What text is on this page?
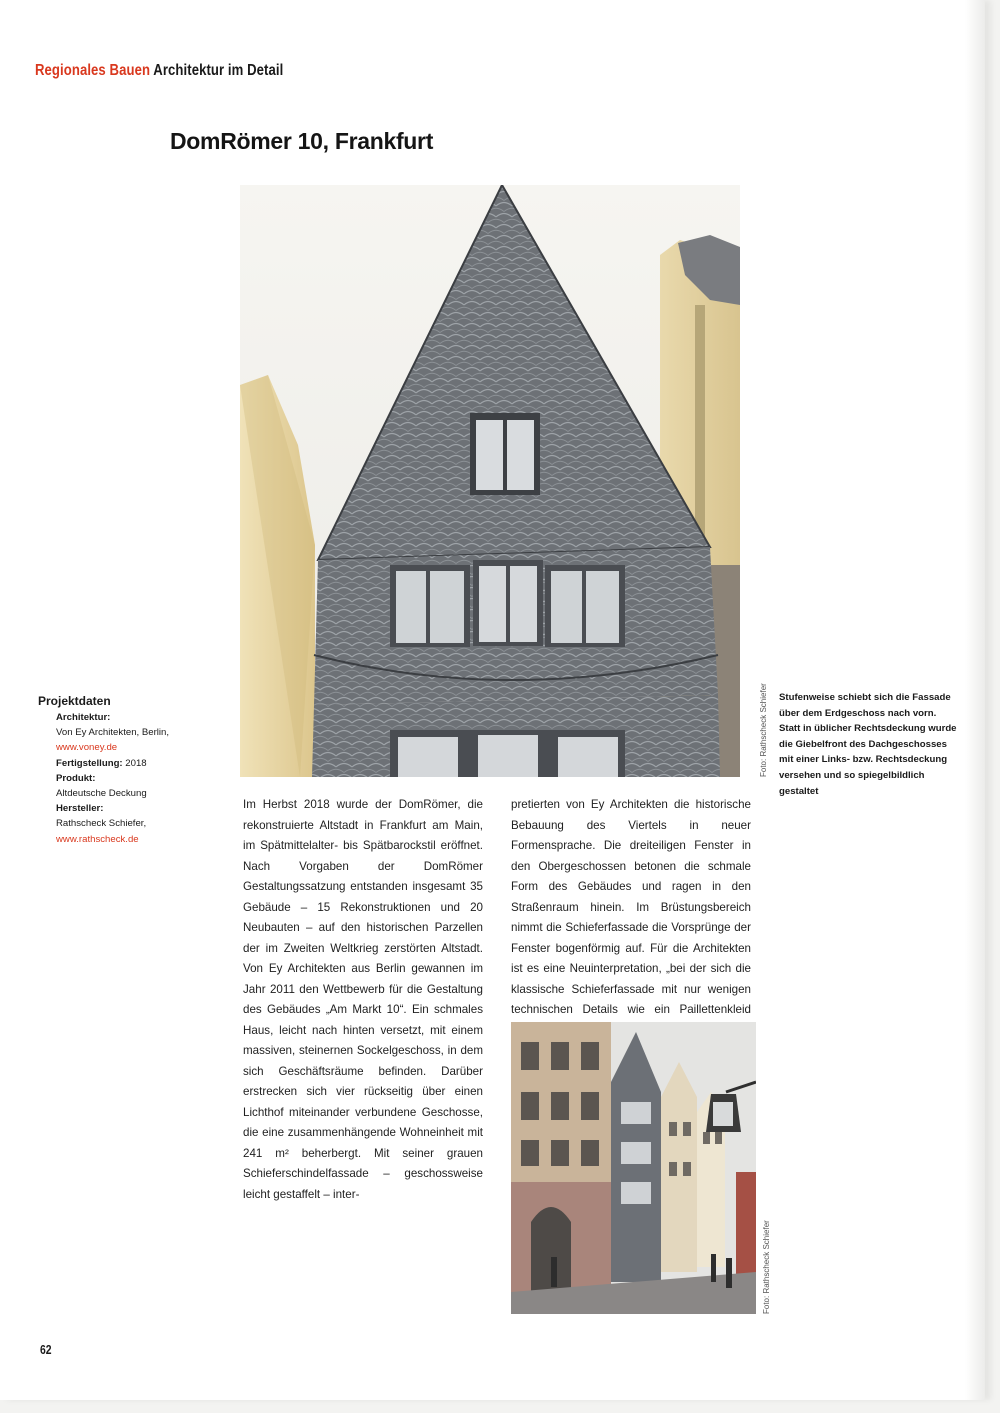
Regionales Bauen Architektur im Detail
DomRömer 10, Frankfurt
Foto: Rathscheck Schiefer Stufenweise schiebt sich die Fassade über dem Erdgeschoss nach vorn. Statt in üblicher Rechtsdeckung wurde die Giebelfront des Dachgeschosses mit einer Links- bzw. Rechtsdeckung versehen und so spiegelbildlich gestaltet
Projektdaten
Architektur:
Von Ey Architekten, Berlin,
www.voney.de
Fertigstellung: 2018
Produkt:
Altdeutsche Deckung
Hersteller:
Rathscheck Schiefer,
www.rathscheck.de
Im Herbst 2018 wurde der DomRömer, die rekonstruierte Altstadt in Frankfurt am Main, im Spätmittelalter- bis Spätbarockstil eröffnet. Nach Vorgaben der DomRömer Gestaltungssatzung entstanden insgesamt 35 Gebäude – 15 Rekonstruktionen und 20 Neubauten – auf den historischen Parzellen der im Zweiten Weltkrieg zerstörten Altstadt. Von Ey Architekten aus Berlin gewannen im Jahr 2011 den Wettbewerb für die Gestaltung des Gebäudes „Am Markt 10“. Ein schmales Haus, leicht nach hinten versetzt, mit einem massiven, steinernen Sockelgeschoss, in dem sich Geschäftsräume befinden. Darüber erstrecken sich vier rückseitig über einen Lichthof miteinander verbundene Geschosse, die eine zusammenhängende Wohneinheit mit 241 m² beherbergt. Mit seiner grauen Schieferschindelfassade – geschossweise leicht gestaffelt – inter-
pretierten von Ey Architekten die historische Bebauung des Viertels in neuer Formensprache. Die dreiteiligen Fenster in den Obergeschossen betonen die schmale Form des Gebäudes und ragen in den Straßenraum hinein. Im Brüstungsbereich nimmt die Schieferfassade die Vorsprünge der Fenster bogenförmig auf. Für die Architekten ist es eine Neuinterpretation, „bei der sich die klassische Schieferfassade mit nur wenigen technischen Details wie ein Paillettenkleid
Foto: Rathscheck Schiefer
62
